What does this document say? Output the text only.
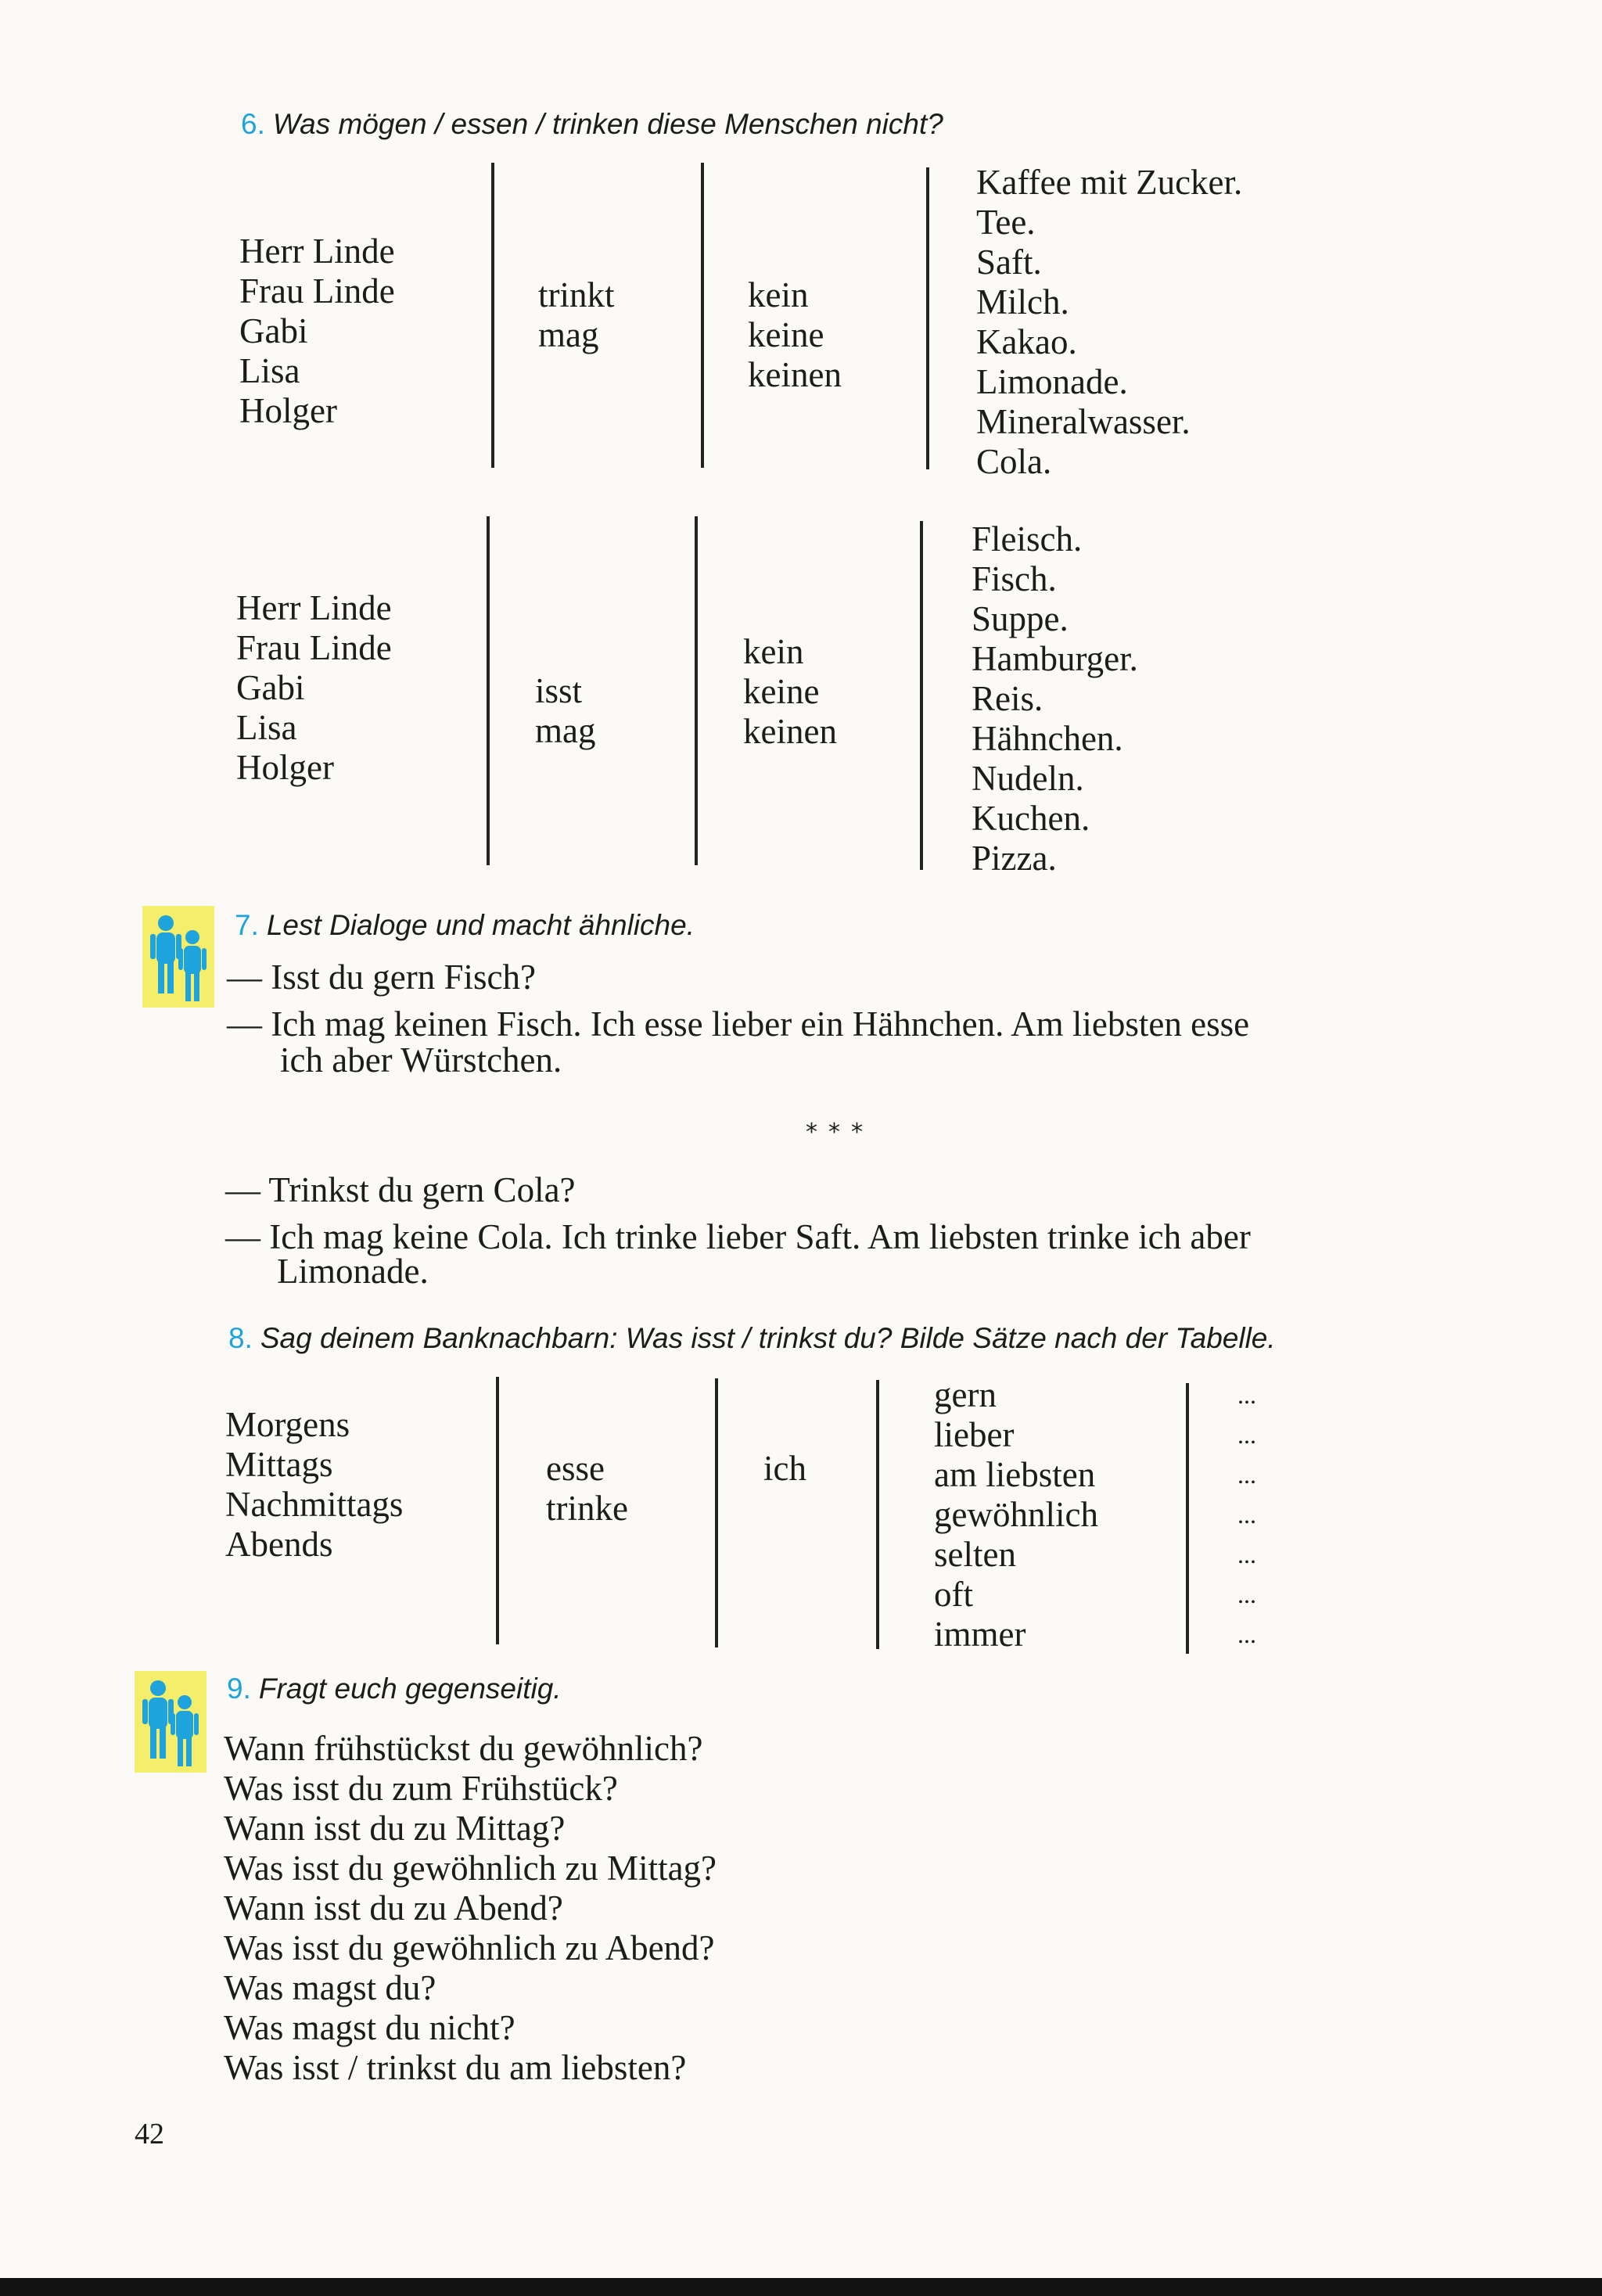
6. Was mögen / essen / trinken diese Menschen nicht?
Herr Linde
Frau Linde
Gabi
Lisa
Holger
trinkt
mag
kein
keine
keinen
Kaffee mit Zucker.
Tee.
Saft.
Milch.
Kakao.
Limonade.
Mineralwasser.
Cola.
Herr Linde
Frau Linde
Gabi
Lisa
Holger
isst
mag
kein
keine
keinen
Fleisch.
Fisch.
Suppe.
Hamburger.
Reis.
Hähnchen.
Nudeln.
Kuchen.
Pizza.
7. Lest Dialoge und macht ähnliche.
— Isst du gern Fisch?
— Ich mag keinen Fisch. Ich esse lieber ein Hähnchen. Am liebsten esse
ich aber Würstchen.
***
— Trinkst du gern Cola?
— Ich mag keine Cola. Ich trinke lieber Saft. Am liebsten trinke ich aber
Limonade.
8. Sag deinem Banknachbarn: Was isst / trinkst du? Bilde Sätze nach der Tabelle.
Morgens
Mittags
Nachmittags
Abends
esse
trinke
ich
gern
lieber
am liebsten
gewöhnlich
selten
oft
immer
...
...
...
...
...
...
...
9. Fragt euch gegenseitig.
Wann frühstückst du gewöhnlich?
Was isst du zum Frühstück?
Wann isst du zu Mittag?
Was isst du gewöhnlich zu Mittag?
Wann isst du zu Abend?
Was isst du gewöhnlich zu Abend?
Was magst du?
Was magst du nicht?
Was isst / trinkst du am liebsten?
42
